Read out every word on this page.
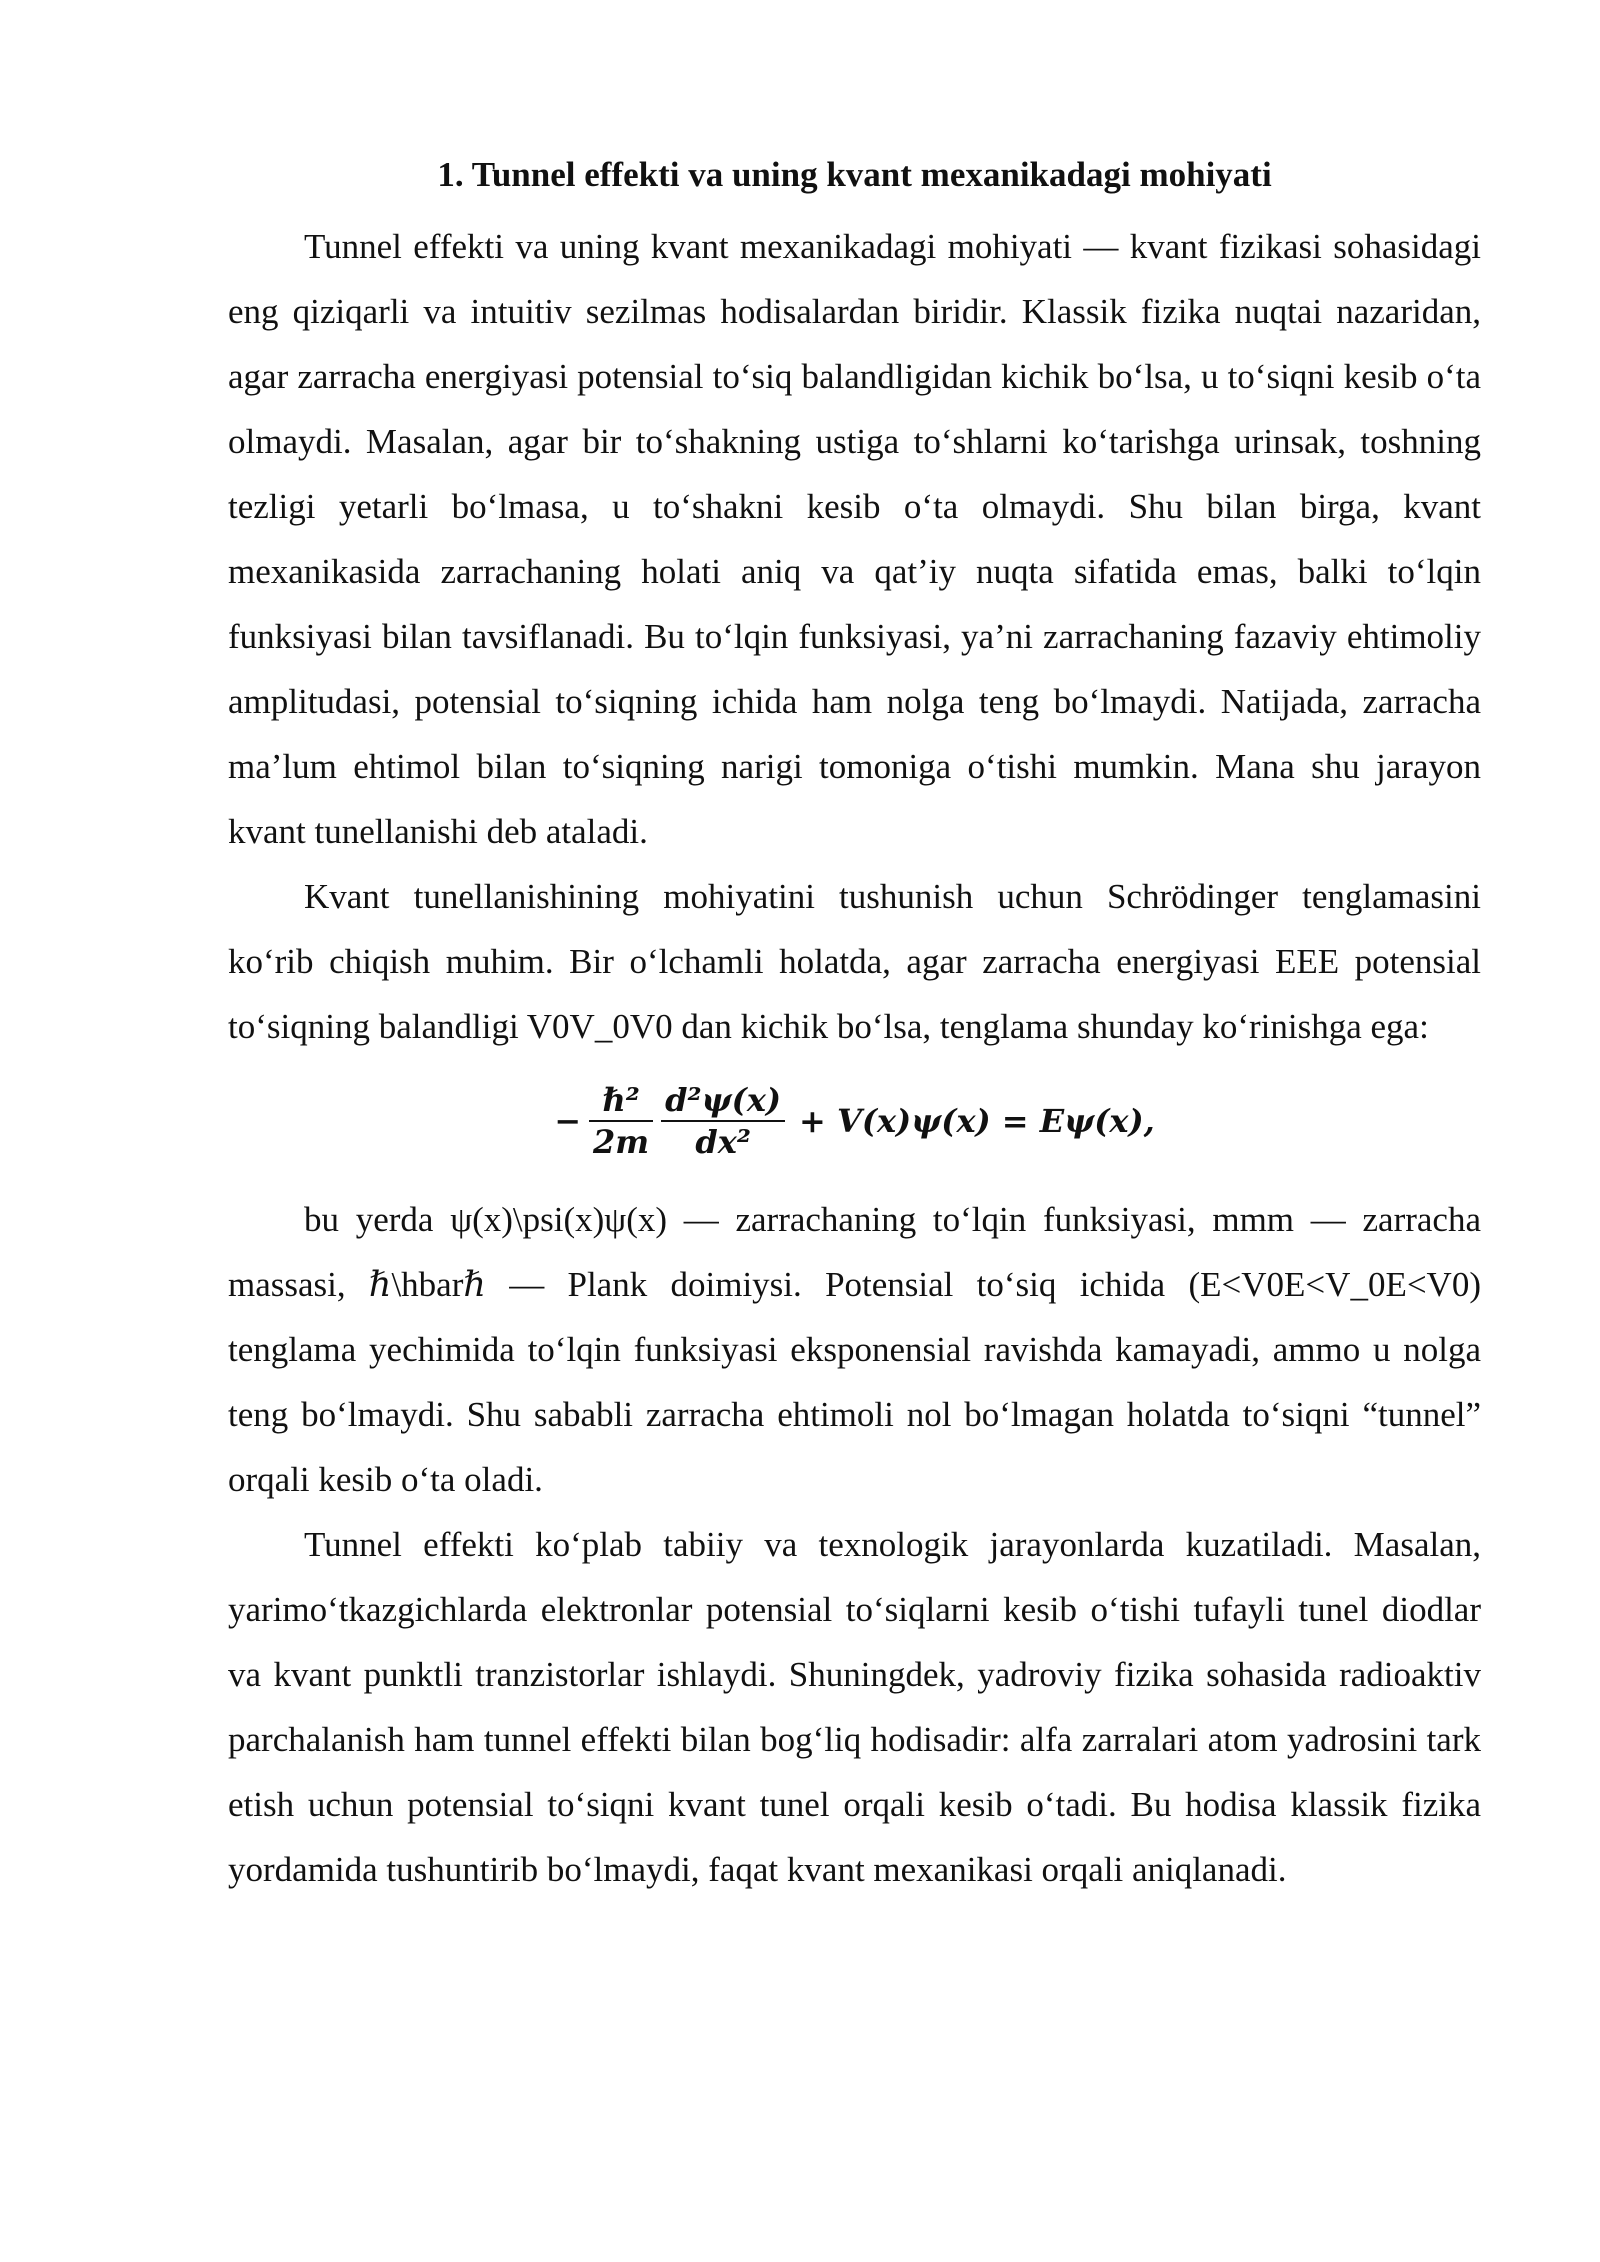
1. Tunnel effekti va uning kvant mexanikadagi mohiyati

Tunnel effekti va uning kvant mexanikadagi mohiyati — kvant fizikasi sohasidagi eng qiziqarli va intuitiv sezilmas hodisalardan biridir. Klassik fizika nuqtai nazaridan, agar zarracha energiyasi potensial to‘siq balandligidan kichik bo‘lsa, u to‘siqni kesib o‘ta olmaydi. Masalan, agar bir to‘shakning ustiga to‘shlarni ko‘tarishga urinsak, toshning tezligi yetarli bo‘lmasa, u to‘shakni kesib o‘ta olmaydi. Shu bilan birga, kvant mexanikasida zarrachaning holati aniq va qat’iy nuqta sifatida emas, balki to‘lqin funksiyasi bilan tavsiflanadi. Bu to‘lqin funksiyasi, ya’ni zarrachaning fazaviy ehtimoliy amplitudasi, potensial to‘siqning ichida ham nolga teng bo‘lmaydi. Natijada, zarracha ma’lum ehtimol bilan to‘siqning narigi tomoniga o‘tishi mumkin. Mana shu jarayon kvant tunellanishi deb ataladi.

Kvant tunellanishining mohiyatini tushunish uchun Schrödinger tenglamasini ko‘rib chiqish muhim. Bir o‘lchamli holatda, agar zarracha energiyasi EEE potensial to‘siqning balandligi V0V_0V0 dan kichik bo‘lsa, tenglama shunday ko‘rinishga ega:

− $\frac{\text{ℏ²}}{2m} \frac{\text{d²ψ(x)}}{\text{dx²}} + V(x)\psi(x) = E\psi(x)$,

bu yerda ψ(x)\psi(x)ψ(x) — zarrachaning to‘lqin funksiyasi, mmm — zarracha massasi, ℏ\hbarℏ — Plank doimiysi. Potensial to‘siq ichida (E<V0E<V_0E<V0) tenglama yechimida to‘lqin funksiyasi eksponensial ravishda kamayadi, ammo u nolga teng bo‘lmaydi. Shu sababli zarracha ehtimoli nol bo‘lmagan holatda to‘siqni “tunnel” orqali kesib o‘ta oladi.

Tunnel effekti ko‘plab tabiiy va texnologik jarayonlarda kuzatiladi. Masalan, yarimo‘tkazgichlarda elektronlar potensial to‘siqlarni kesib o‘tishi tufayli tunel diodlar va kvant punktli tranzistorlar ishlaydi. Shuningdek, yadroviy fizika sohasida radioaktiv parchalanish ham tunnel effekti bilan bog‘liq hodisadir: alfa zarralari atom yadrosini tark etish uchun potensial to‘siqni kvant tunel orqali kesib o‘tadi. Bu hodisa klassik fizika yordamida tushuntirib bo‘lmaydi, faqat kvant mexanikasi orqali aniqlanadi.
